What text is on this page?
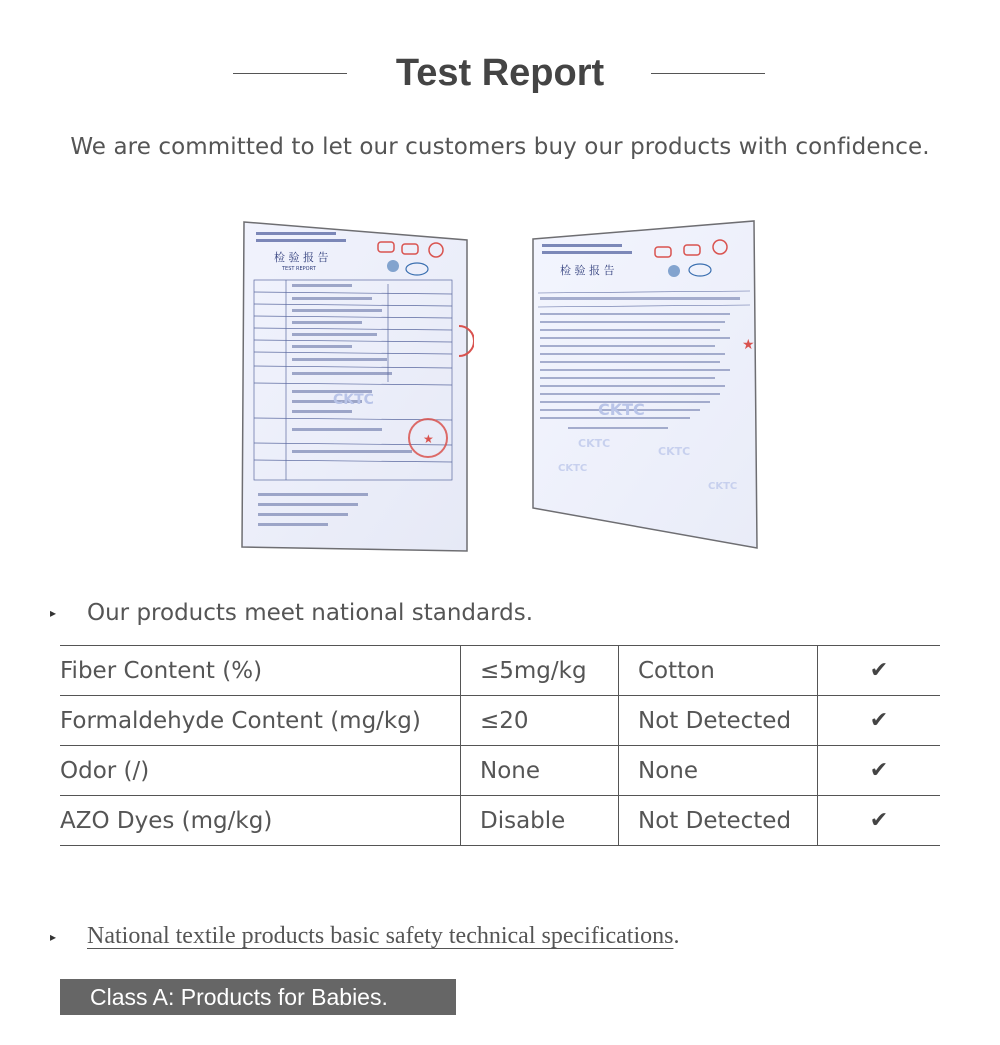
Test Report
We are committed to let our customers buy our products with confidence.
检 验 报 告
TEST REPORT
CKTC
★
检 验 报 告
CKTC
CKTC
CKTC
CKTC
CKTC
★
▸ Our products meet national standards.
Fiber Content (%)	≤5mg/kg	Cotton	✔
Formaldehyde Content (mg/kg)	≤20	Not Detected	✔
Odor (/)	None	None	✔
AZO Dyes (mg/kg)	Disable	Not Detected	✔
▸ National textile products basic safety technical specifications.
Class A: Products for Babies.
